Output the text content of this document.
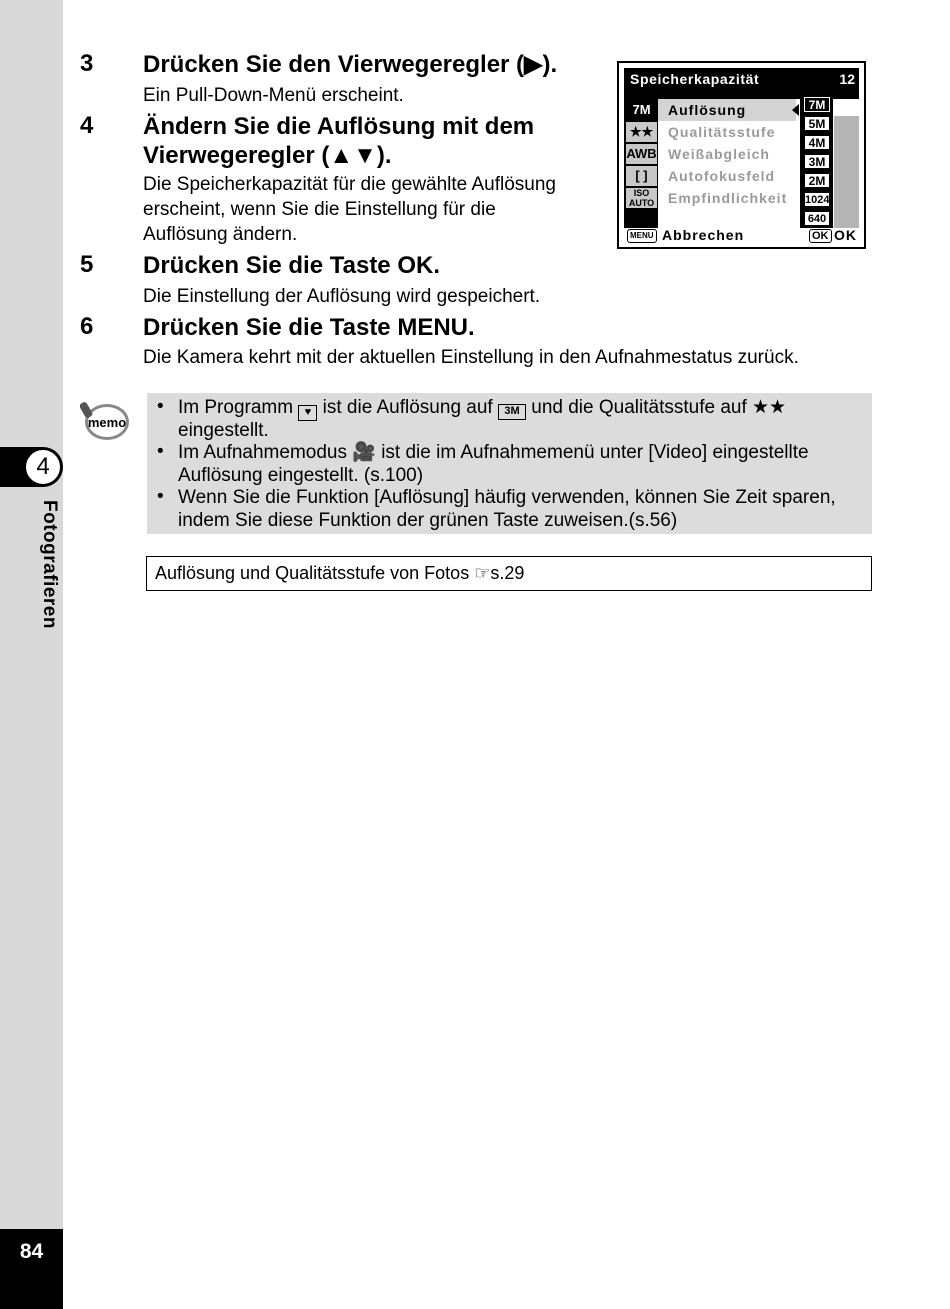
4
Fotografieren
84
3 Drücken Sie den Vierwegeregler (▶).
Ein Pull-Down-Menü erscheint.
4 Ändern Sie die Auflösung mit dem
Vierwegeregler (▲▼).
Die Speicherkapazität für die gewählte Auflösung
erscheint, wenn Sie die Einstellung für die
Auflösung ändern.
5 Drücken Sie die Taste OK.
Die Einstellung der Auflösung wird gespeichert.
6 Drücken Sie die Taste MENU.
Die Kamera kehrt mit der aktuellen Einstellung in den Aufnahmestatus zurück.
Speicherkapazität	12
7M
★★
AWB
[ ]
ISO AUTO
Auflösung
Qualitätsstufe
Weißabgleich
Autofokusfeld
Empfindlichkeit
7M
5M
4M
3M
2M
1024
640
MENU Abbrechen	OK OK
memo
• Im Programm ♥ ist die Auflösung auf 3M und die Qualitätsstufe auf ★★
eingestellt.
• Im Aufnahmemodus 🎥 ist die im Aufnahmemenü unter [Video] eingestellte
Auflösung eingestellt. (s.100)
• Wenn Sie die Funktion [Auflösung] häufig verwenden, können Sie Zeit sparen,
indem Sie diese Funktion der grünen Taste zuweisen.(s.56)
Auflösung und Qualitätsstufe von Fotos ☞s.29
